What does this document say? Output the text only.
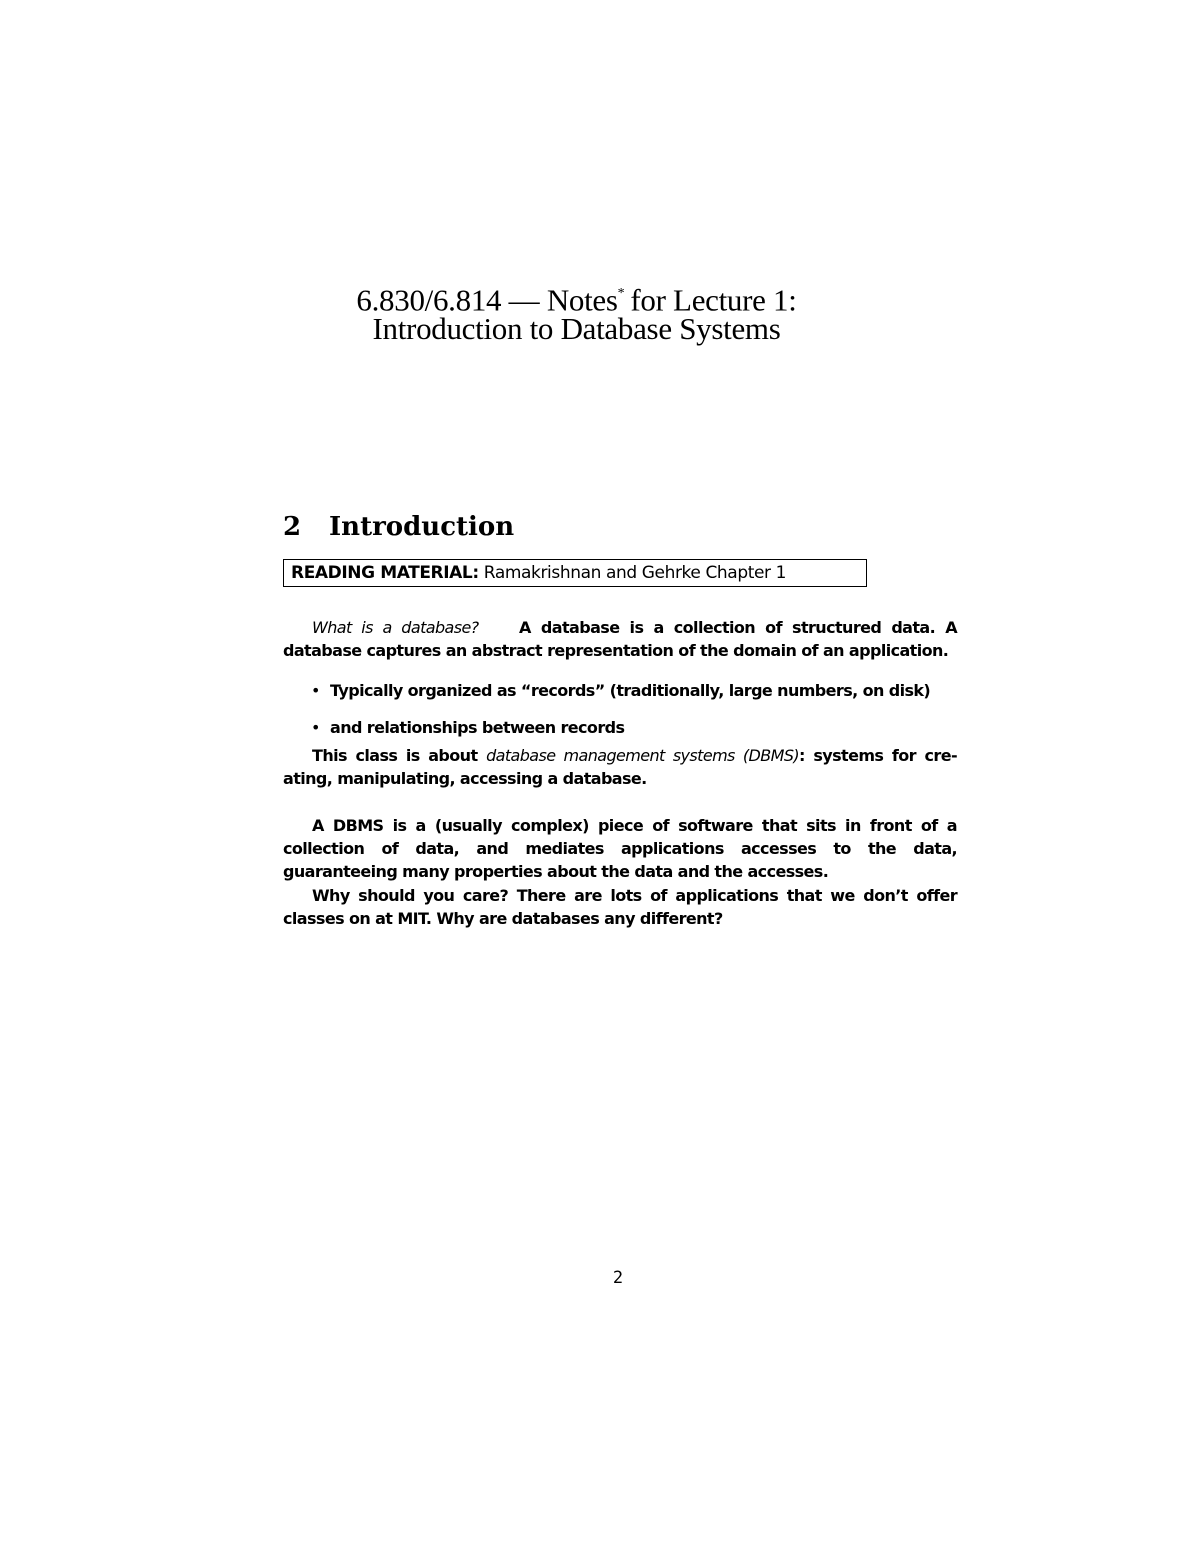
6.830/6.814 — Notes* for Lecture 1:
Introduction to Database Systems
2 Introduction
READING MATERIAL: Ramakrishnan and Gehrke Chapter 1
What is a database?	A database is a collection of structured data. A database captures an abstract representation of the domain of an application.
• Typically organized as “records” (traditionally, large numbers, on disk)
• and relationships between records
This class is about database management systems (DBMS): systems for cre-ating, manipulating, accessing a database.
A DBMS is a (usually complex) piece of software that sits in front of a collection of data, and mediates applications accesses to the data, guaranteeing many properties about the data and the accesses.
Why should you care? There are lots of applications that we don’t offer classes on at MIT. Why are databases any different?
2
